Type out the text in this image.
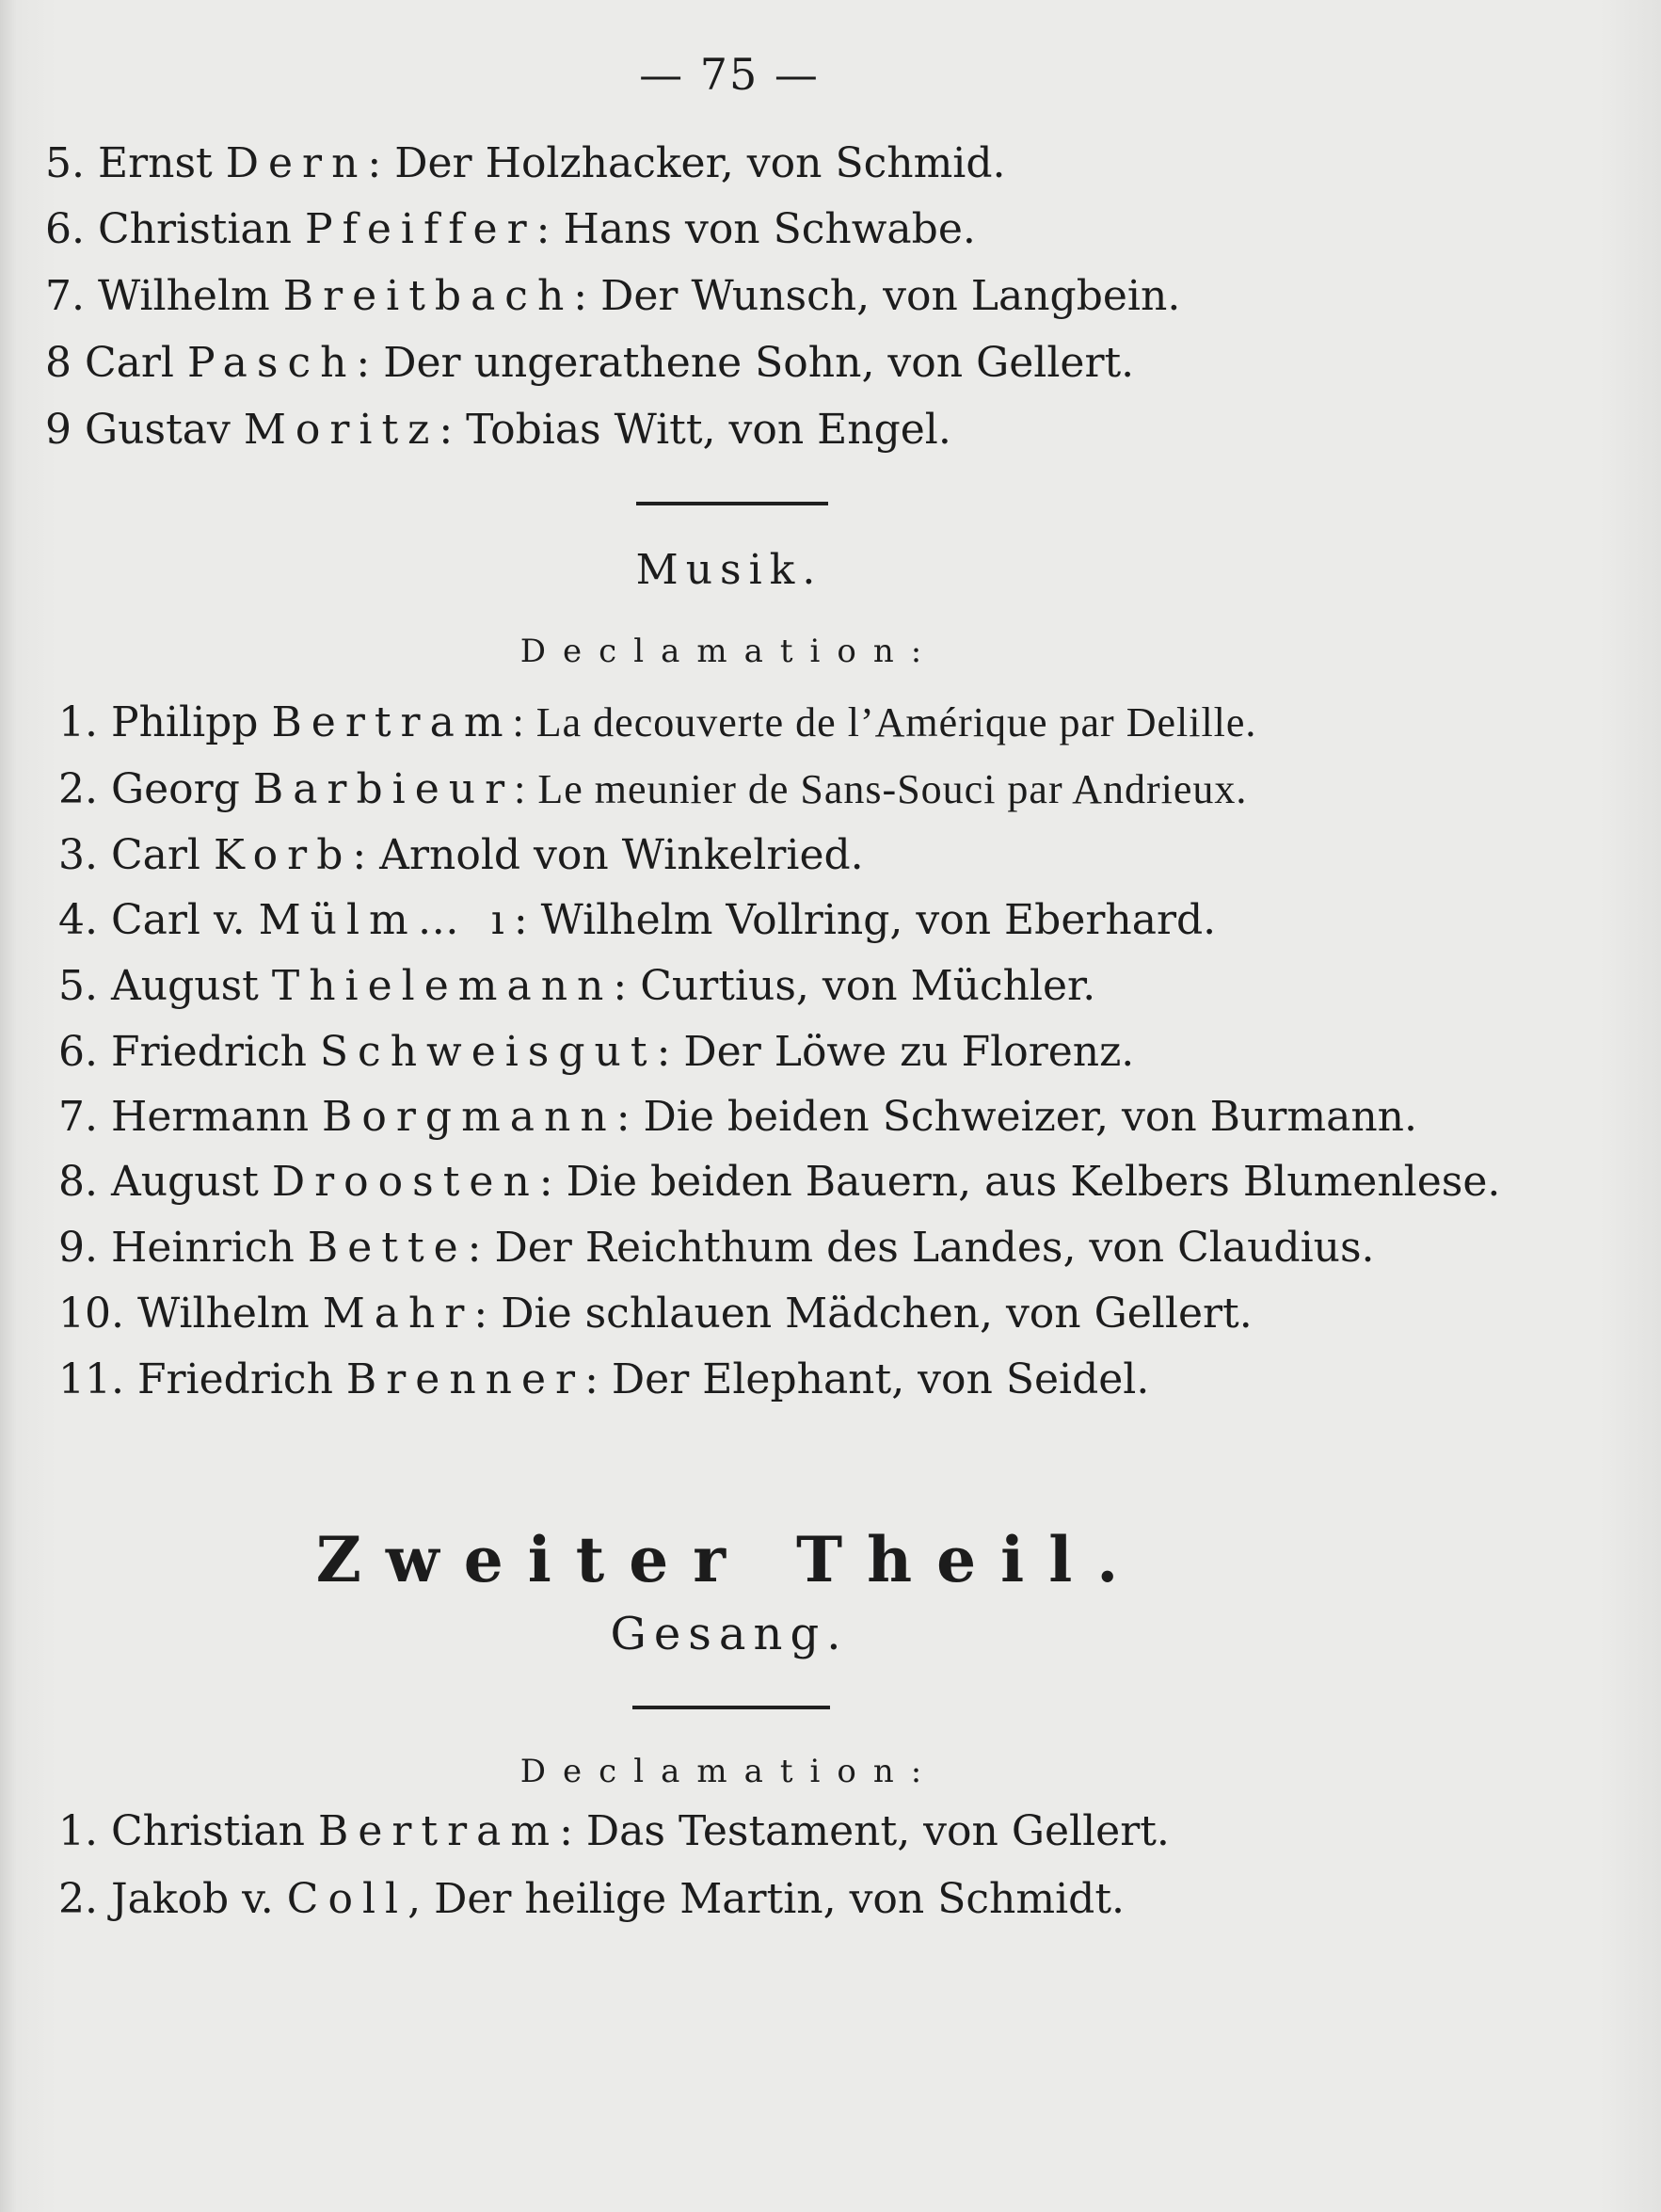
— 75 —
5. Ernst Dern: Der Holzhacker, von Schmid.
6. Christian Pfeiffer: Hans von Schwabe.
7. Wilhelm Breitbach: Der Wunsch, von Langbein.
8 Carl Pasch: Der ungerathene Sohn, von Gellert.
9 Gustav Moritz: Tobias Witt, von Engel.
Musik.
Declamation:
1. Philipp Bertram: La decouverte de l’Amérique par Delille.
2. Georg Barbieur: Le meunier de Sans-Souci par Andrieux.
3. Carl Korb: Arnold von Winkelried.
4. Carl v. Mülm… ı: Wilhelm Vollring, von Eberhard.
5. August Thielemann: Curtius, von Müchler.
6. Friedrich Schweisgut: Der Löwe zu Florenz.
7. Hermann Borgmann: Die beiden Schweizer, von Burmann.
8. August Droosten: Die beiden Bauern, aus Kelbers Blumenlese.
9. Heinrich Bette: Der Reichthum des Landes, von Claudius.
10. Wilhelm Mahr: Die schlauen Mädchen, von Gellert.
11. Friedrich Brenner: Der Elephant, von Seidel.
Zweiter Theil.
Gesang.
Declamation:
1. Christian Bertram: Das Testament, von Gellert.
2. Jakob v. Coll, Der heilige Martin, von Schmidt.
